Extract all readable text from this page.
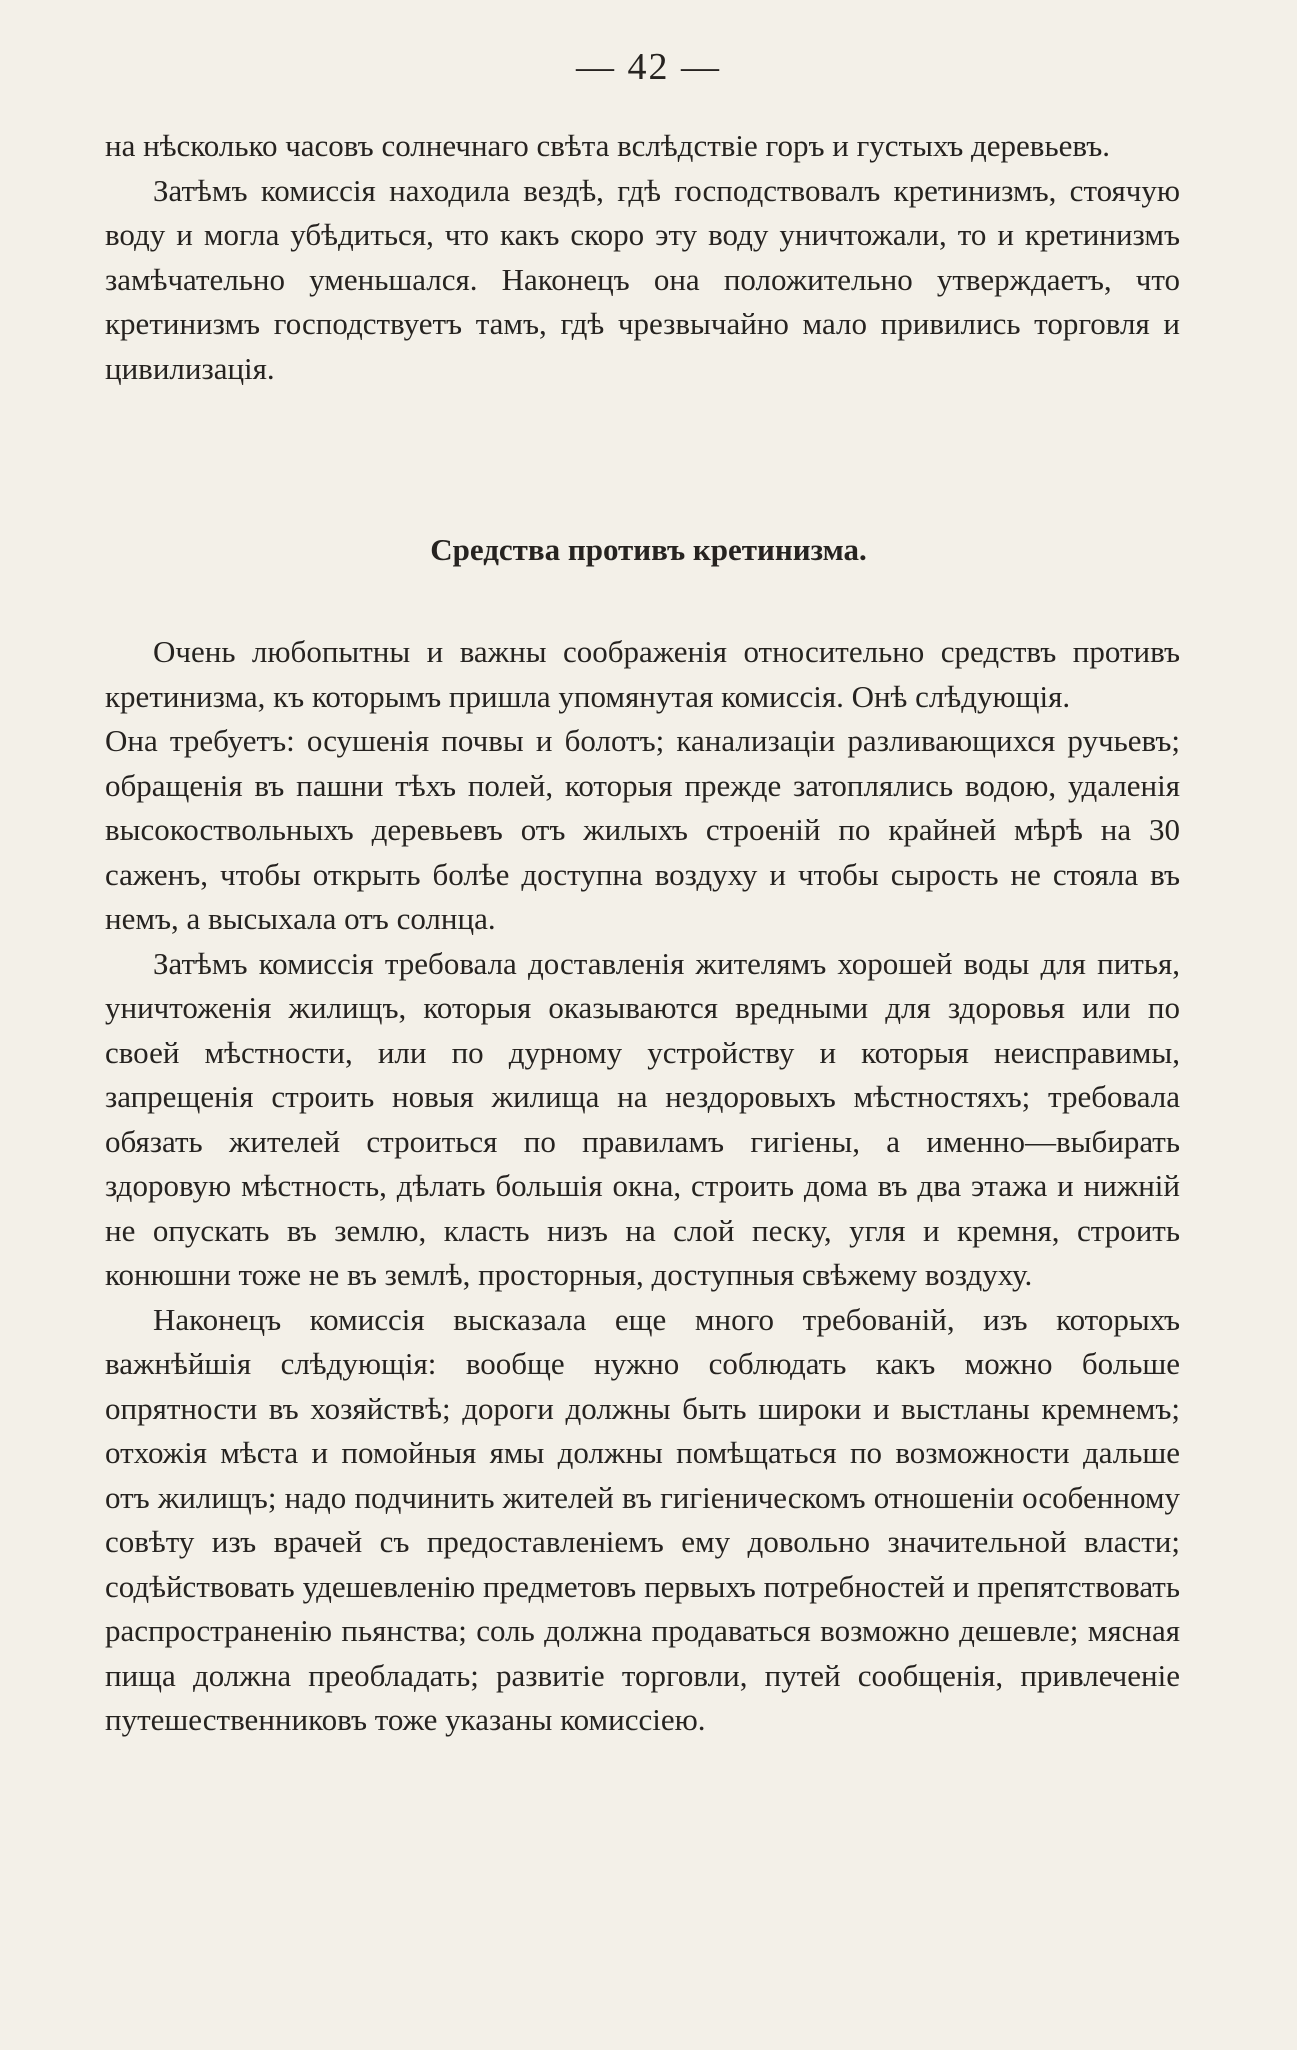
— 42 —

на нѣсколько часовъ солнечнаго свѣта вслѣдствіе горъ и густыхъ деревьевъ.

Затѣмъ комиссія находила вездѣ, гдѣ господствовалъ кретинизмъ, стоячую воду и могла убѣдиться, что какъ скоро эту воду уничтожали, то и кретинизмъ замѣчательно уменьшался. Наконецъ она положительно утверждаетъ, что кретинизмъ господствуетъ тамъ, гдѣ чрезвычайно мало привились торговля и цивилизація.

Средства противъ кретинизма.

Очень любопытны и важны соображенія относительно средствъ противъ кретинизма, къ которымъ пришла упомянутая комиссія. Онѣ слѣдующія.

Она требуетъ: осушенія почвы и болотъ; канализаціи разливающихся ручьевъ; обращенія въ пашни тѣхъ полей, которыя прежде затоплялись водою, удаленія высокоствольныхъ деревьевъ отъ жилыхъ строеній по крайней мѣрѣ на 30 саженъ, чтобы открыть болѣе доступна воздуху и чтобы сырость не стояла въ немъ, а высыхала отъ солнца.

Затѣмъ комиссія требовала доставленія жителямъ хорошей воды для питья, уничтоженія жилищъ, которыя оказываются вредными для здоровья или по своей мѣстности, или по дурному устройству и которыя неисправимы, запрещенія строить новыя жилища на нездоровыхъ мѣстностяхъ; требовала обязать жителей строиться по правиламъ гигіены, а именно—выбирать здоровую мѣстность, дѣлать большія окна, строить дома въ два этажа и нижній не опускать въ землю, класть низъ на слой песку, угля и кремня, строить конюшни тоже не въ землѣ, просторныя, доступныя свѣжему воздуху.

Наконецъ комиссія высказала еще много требованій, изъ которыхъ важнѣйшія слѣдующія: вообще нужно соблюдать какъ можно больше опрятности въ хозяйствѣ; дороги должны быть широки и выстланы кремнемъ; отхожія мѣста и помойныя ямы должны помѣщаться по возможности дальше отъ жилищъ; надо подчинить жителей въ гигіеническомъ отношеніи особенному совѣту изъ врачей съ предоставленіемъ ему довольно значительной власти; содѣйствовать удешевленію предметовъ первыхъ потребностей и препятствовать распространенію пьянства; соль должна продаваться возможно дешевле; мясная пища должна преобладать; развитіе торговли, путей сообщенія, привлеченіе путешественниковъ тоже указаны комиссіею.
